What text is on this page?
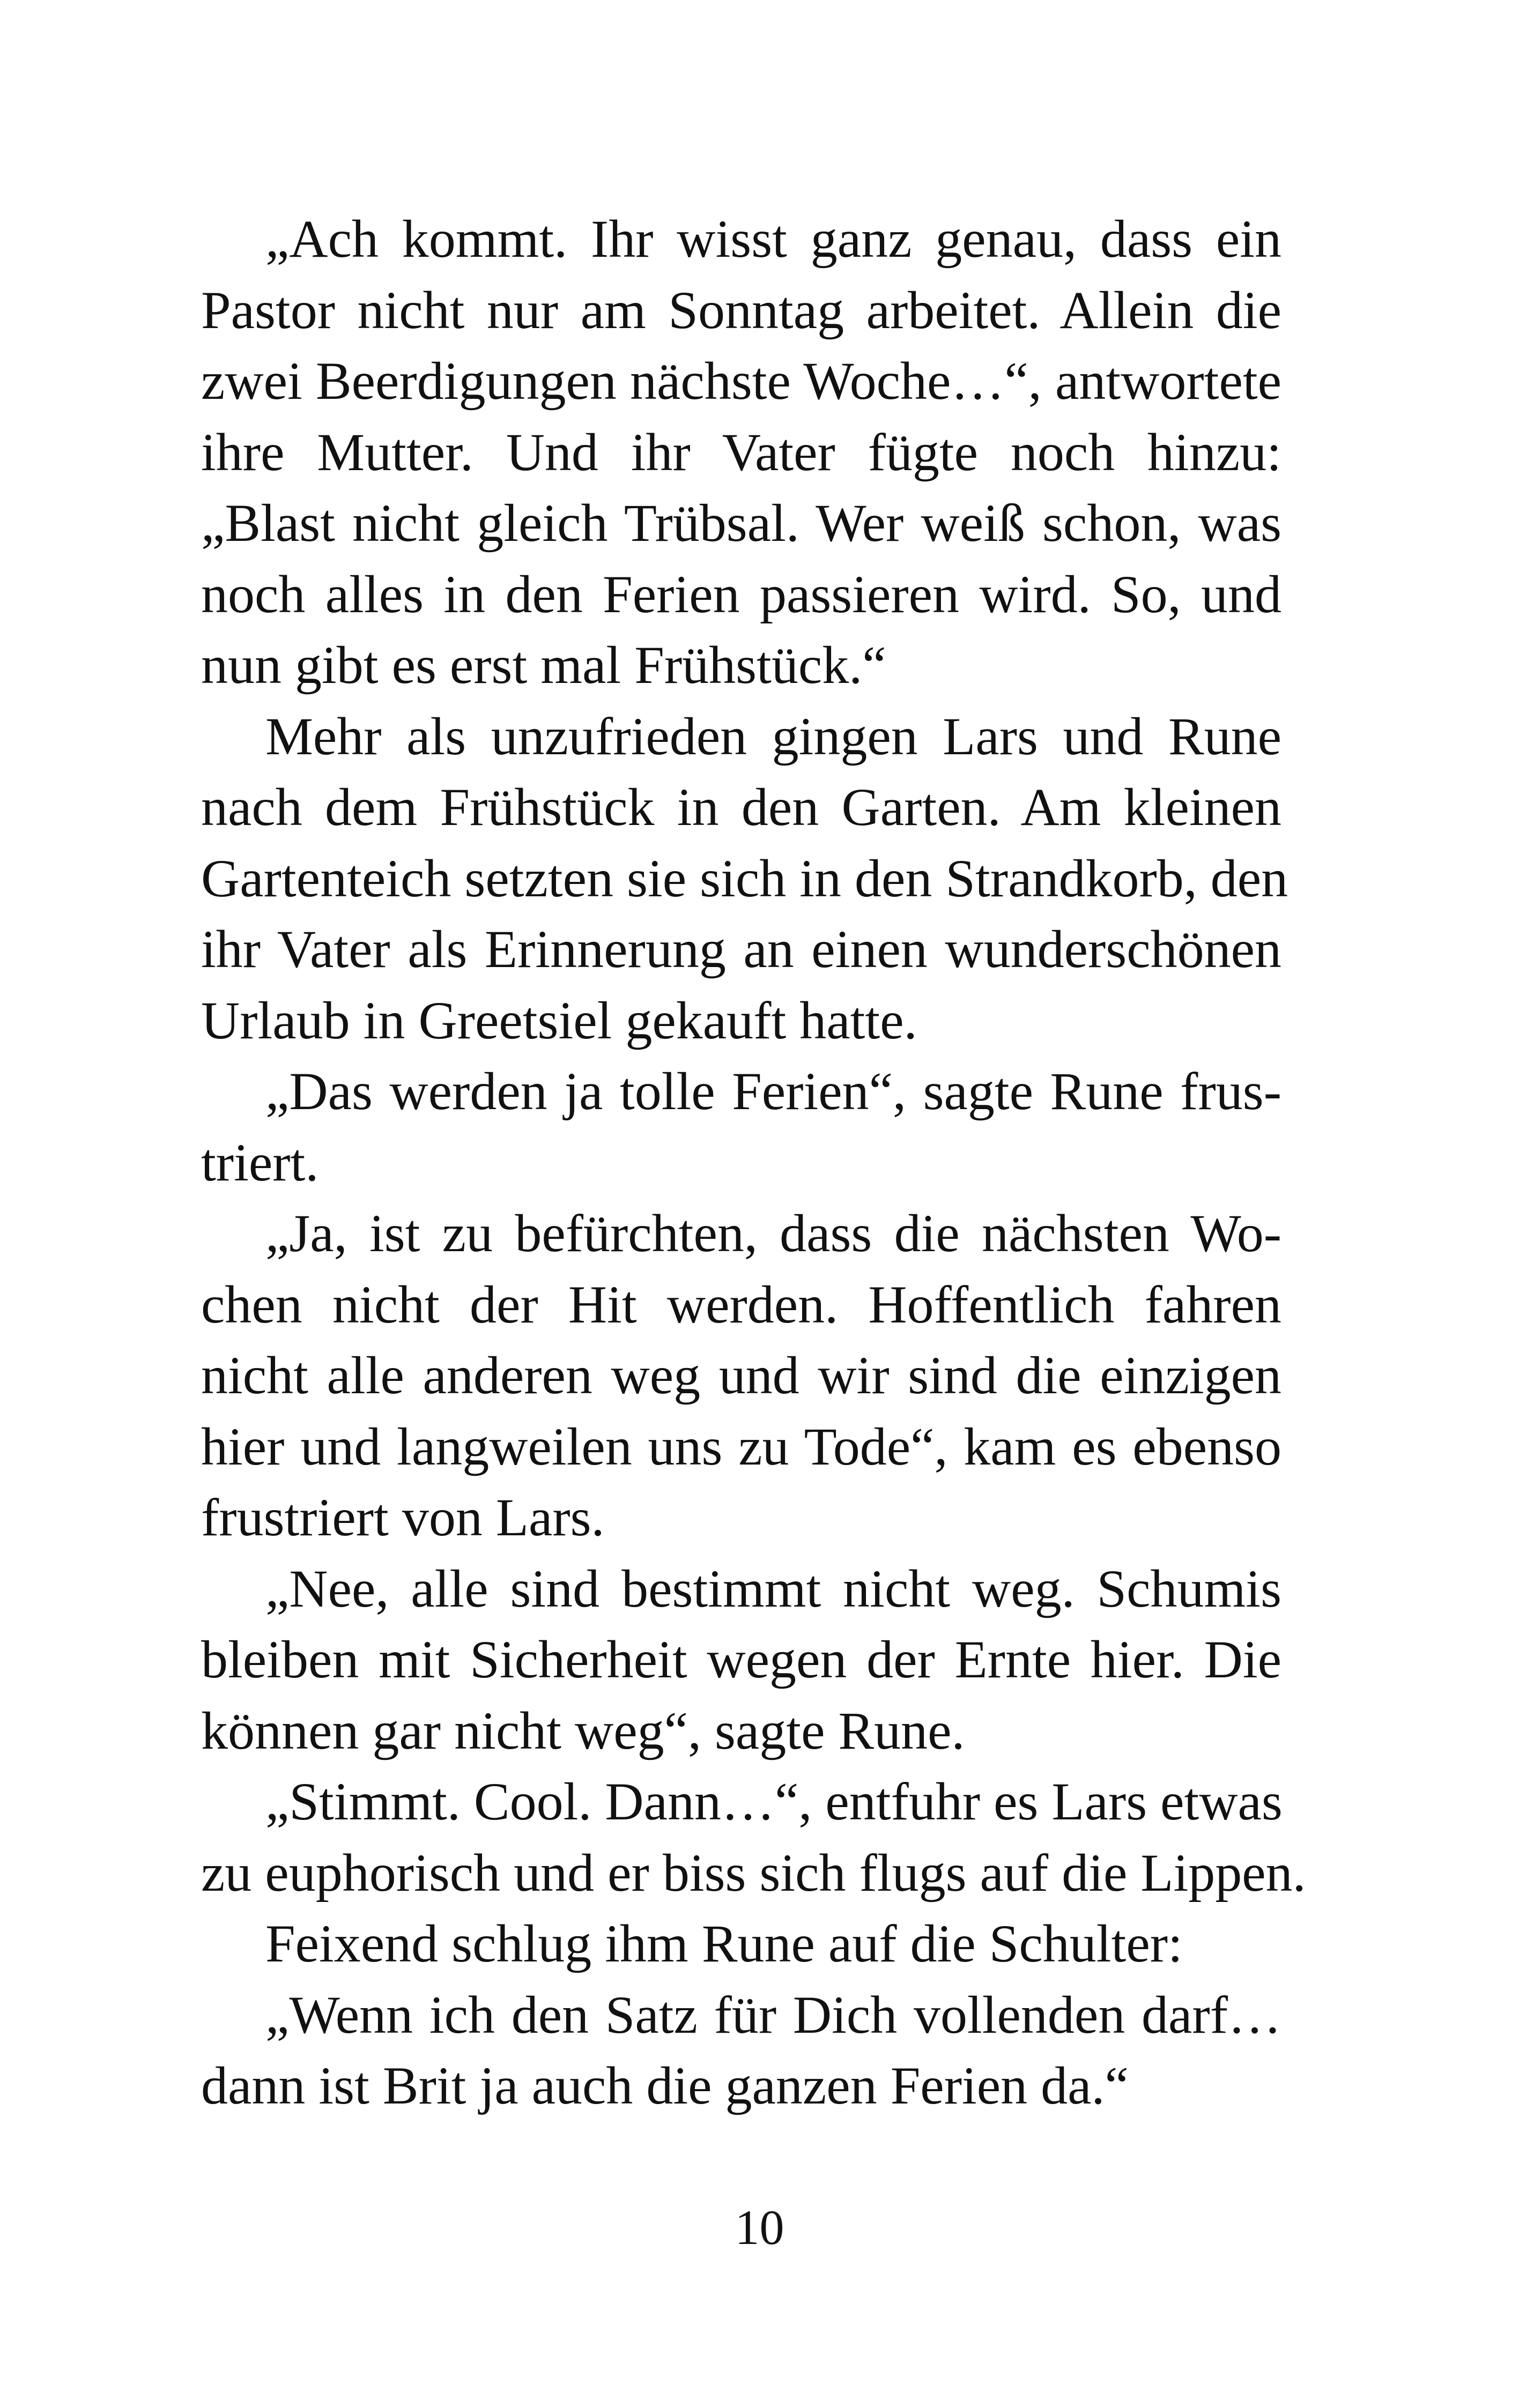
„Ach kommt. Ihr wisst ganz genau, dass ein
Pastor nicht nur am Sonntag arbeitet. Allein die
zwei Beerdigungen nächste Woche…“, antwortete
ihre Mutter. Und ihr Vater fügte noch hinzu:
„Blast nicht gleich Trübsal. Wer weiß schon, was
noch alles in den Ferien passieren wird. So, und
nun gibt es erst mal Frühstück.“

Mehr als unzufrieden gingen Lars und Rune
nach dem Frühstück in den Garten. Am kleinen
Gartenteich setzten sie sich in den Strandkorb, den
ihr Vater als Erinnerung an einen wunderschönen
Urlaub in Greetsiel gekauft hatte.

„Das werden ja tolle Ferien“, sagte Rune frus-
triert.

„Ja, ist zu befürchten, dass die nächsten Wo-
chen nicht der Hit werden. Hoffentlich fahren
nicht alle anderen weg und wir sind die einzigen
hier und langweilen uns zu Tode“, kam es ebenso
frustriert von Lars.

„Nee, alle sind bestimmt nicht weg. Schumis
bleiben mit Sicherheit wegen der Ernte hier. Die
können gar nicht weg“, sagte Rune.

„Stimmt. Cool. Dann…“, entfuhr es Lars etwas
zu euphorisch und er biss sich flugs auf die Lippen.

Feixend schlug ihm Rune auf die Schulter:

„Wenn ich den Satz für Dich vollenden darf…
dann ist Brit ja auch die ganzen Ferien da.“

10
